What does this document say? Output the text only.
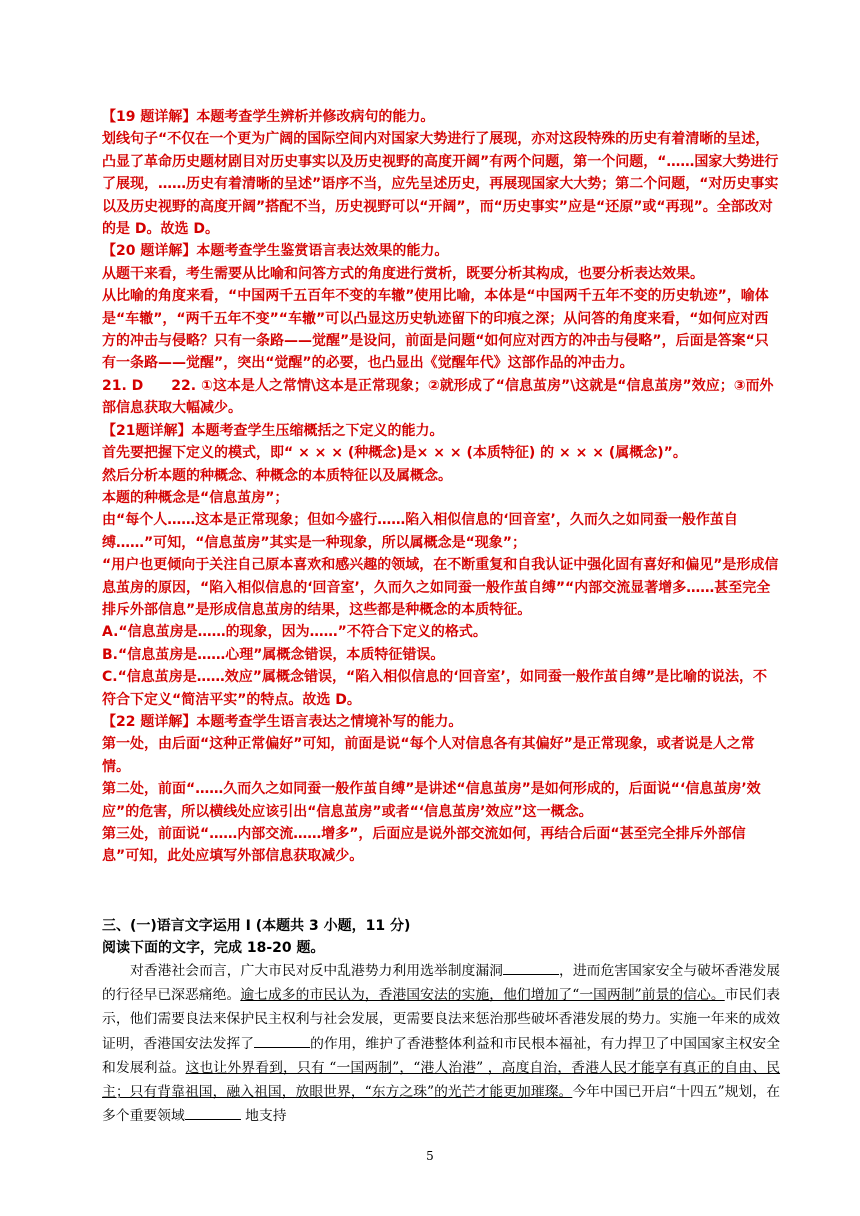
【19 题详解】本题考查学生辨析并修改病句的能力。

划线句子“不仅在一个更为广阔的国际空间内对国家大势进行了展现，亦对这段特殊的历史有着清晰的呈述，凸显了革命历史题材剧目对历史事实以及历史视野的高度开阔”有两个问题，第一个问题，“……国家大势进行了展现，……历史有着清晰的呈述”语序不当，应先呈述历史，再展现国家大大势；第二个问题，“对历史事实以及历史视野的高度开阔”搭配不当，历史视野可以“开阔”，而“历史事实”应是“还原”或“再现”。全部改对的是 D。故选 D。

【20 题详解】本题考查学生鉴赏语言表达效果的能力。

从题干来看，考生需要从比喻和问答方式的角度进行赏析，既要分析其构成，也要分析表达效果。

从比喻的角度来看，“中国两千五百年不变的车辙”使用比喻，本体是“中国两千五年不变的历史轨迹”，喻体是“车辙”，“两千五年不变”“车辙”可以凸显这历史轨迹留下的印痕之深；从问答的角度来看，“如何应对西方的冲击与侵略？只有一条路——觉醒”是设问，前面是问题“如何应对西方的冲击与侵略”，后面是答案“只有一条路——觉醒”，突出“觉醒”的必要，也凸显出《觉醒年代》这部作品的冲击力。

21. D　　22. ①这本是人之常情\这本是正常现象；②就形成了“信息茧房”\这就是“信息茧房”效应；③而外部信息获取大幅减少。

【21题详解】本题考查学生压缩概括之下定义的能力。

首先要把握下定义的模式，即“ × × × (种概念)是× × × (本质特征) 的 × × × (属概念)”。

然后分析本题的种概念、种概念的本质特征以及属概念。

本题的种概念是“信息茧房”；

由“每个人……这本是正常现象；但如今盛行……陷入相似信息的‘回音室’，久而久之如同蚕一般作茧自缚……”可知，“信息茧房”其实是一种现象，所以属概念是“现象”；

“用户也更倾向于关注自己原本喜欢和感兴趣的领域，在不断重复和自我认证中强化固有喜好和偏见”是形成信息茧房的原因，“陷入相似信息的‘回音室’，久而久之如同蚕一般作茧自缚”“内部交流显著增多……甚至完全排斥外部信息”是形成信息茧房的结果，这些都是种概念的本质特征。

A.“信息茧房是……的现象，因为……”不符合下定义的格式。

B.“信息茧房是……心理”属概念错误，本质特征错误。

C.“信息茧房是……效应”属概念错误，“陷入相似信息的‘回音室’，如同蚕一般作茧自缚”是比喻的说法，不符合下定义“简洁平实”的特点。故选 D。

【22 题详解】本题考查学生语言表达之情境补写的能力。

第一处，由后面“这种正常偏好”可知，前面是说“每个人对信息各有其偏好”是正常现象，或者说是人之常情。

第二处，前面“……久而久之如同蚕一般作茧自缚”是讲述“信息茧房”是如何形成的，后面说“‘信息茧房’效应”的危害，所以横线处应该引出“信息茧房”或者“‘信息茧房’效应”这一概念。

第三处，前面说“……内部交流……增多”，后面应是说外部交流如何，再结合后面“甚至完全排斥外部信息”可知，此处应填写外部信息获取减少。

三、(一)语言文字运用 Ⅰ (本题共 3 小题，11 分)

阅读下面的文字，完成 18-20 题。

对香港社会而言，广大市民对反中乱港势力利用选举制度漏洞	，进而危害国家安全与破坏香港发展的行径早已深恶痛绝。逾七成多的市民认为，香港国安法的实施，他们增加了“一国两制”前景的信心。市民们表示，他们需要良法来保护民主权利与社会发展，更需要良法来惩治那些破坏香港发展的势力。实施一年来的成效证明，香港国安法发挥了	的作用，维护了香港整体利益和市民根本福祉，有力捍卫了中国国家主权安全和发展利益。这也让外界看到，只有 “一国两制”，“港人治港” ，高度自治，香港人民才能享有真正的自由、民主；只有背靠祖国，融入祖国，放眼世界，“东方之珠”的光芒才能更加璀璨。今年中国已开启“十四五”规划，在多个重要领域	地支持

5
